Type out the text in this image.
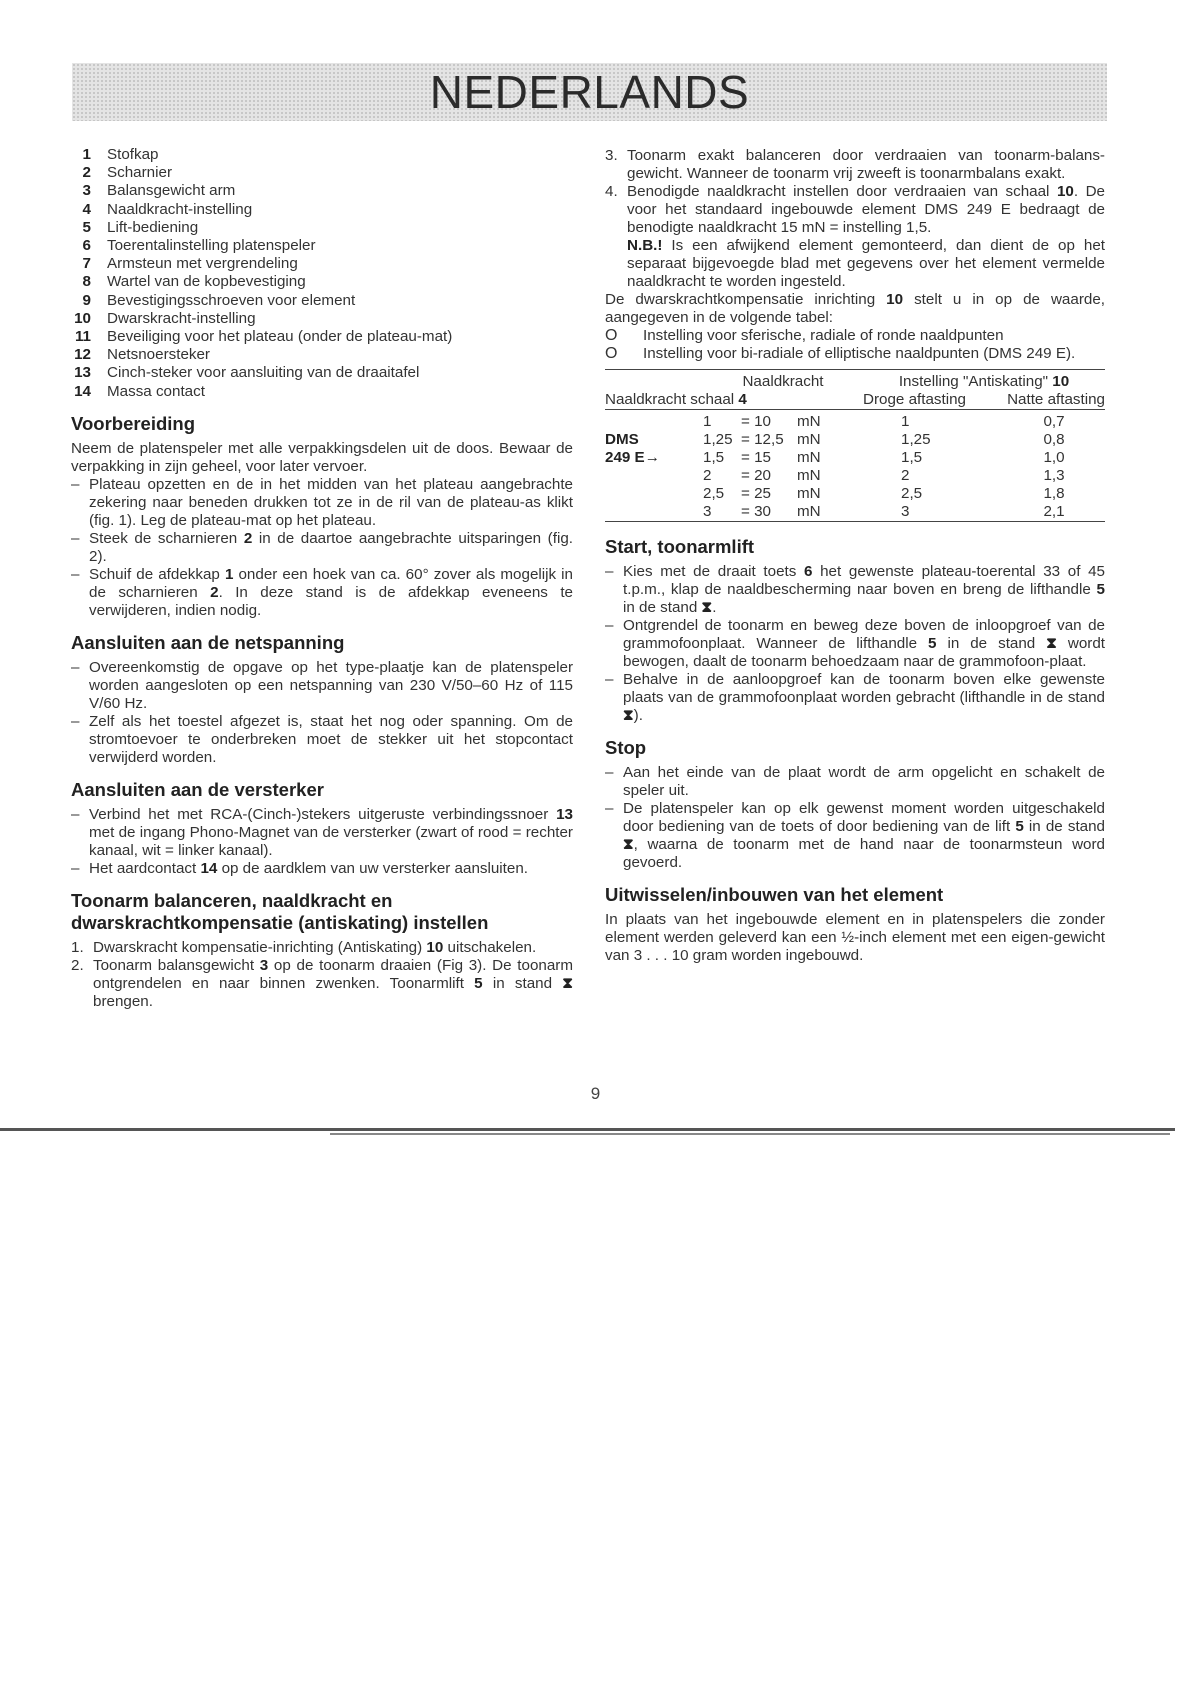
NEDERLANDS
1	Stofkap
2	Scharnier
3	Balansgewicht arm
4	Naaldkracht-instelling
5	Lift-bediening
6	Toerentalinstelling platenspeler
7	Armsteun met vergrendeling
8	Wartel van de kopbevestiging
9	Bevestigingsschroeven voor element
10	Dwarskracht-instelling
11	Beveiliging voor het plateau (onder de plateau-mat)
12	Netsnoersteker
13	Cinch-steker voor aansluiting van de draaitafel
14	Massa contact
Voorbereiding

Neem de platenspeler met alle verpakkingsdelen uit de doos. Bewaar de verpakking in zijn geheel, voor later vervoer.

– Plateau opzetten en de in het midden van het plateau aangebrachte zekering naar beneden drukken tot ze in de ril van de plateau-as klikt (fig. 1). Leg de plateau-mat op het plateau.
– Steek de scharnieren 2 in de daartoe aangebrachte uitsparingen (fig. 2).
– Schuif de afdekkap 1 onder een hoek van ca. 60° zover als mogelijk in de scharnieren 2. In deze stand is de afdekkap eveneens te verwijderen, indien nodig.
Aansluiten aan de netspanning
– Overeenkomstig de opgave op het type-plaatje kan de platenspeler worden aangesloten op een netspanning van 230 V/50–60 Hz of 115 V/60 Hz.
– Zelf als het toestel afgezet is, staat het nog oder spanning. Om de stromtoevoer te onderbreken moet de stekker uit het stopcontact verwijderd worden.
Aansluiten aan de versterker
– Verbind het met RCA-(Cinch-)stekers uitgeruste verbindingssnoer 13 met de ingang Phono-Magnet van de versterker (zwart of rood = rechter kanaal, wit = linker kanaal).
– Het aardcontact 14 op de aardklem van uw versterker aansluiten.
Toonarm balanceren, naaldkracht en dwarskrachtkompensatie (antiskating) instellen
1. Dwarskracht kompensatie-inrichting (Antiskating) 10 uitschakelen.
2. Toonarm balansgewicht 3 op de toonarm draaien (Fig 3). De toonarm ontgrendelen en naar binnen zwenken. Toonarmlift 5 in stand ⧗ brengen.
3. Toonarm exakt balanceren door verdraaien van toonarm-balans-gewicht. Wanneer de toonarm vrij zweeft is toonarmbalans exakt.
4. Benodigde naaldkracht instellen door verdraaien van schaal 10. De voor het standaard ingebouwde element DMS 249 E bedraagt de benodigte naaldkracht 15 mN = instelling 1,5.

N.B.! Is een afwijkend element gemonteerd, dan dient de op het separaat bijgevoegde blad met gegevens over het element vermelde naaldkracht te worden ingesteld.

De dwarskrachtkompensatie inrichting 10 stelt u in op de waarde, aangegeven in de volgende tabel:

O	Instelling voor sferische, radiale of ronde naaldpunten
O	Instelling voor bi-radiale of elliptische naaldpunten (DMS 249 E).
	Naaldkracht			Instelling "Antiskating" 10	
Naaldkracht schaal 4				Droge aftasting	Natte aftasting
	1	= 10	mN	1	0,7
DMS	1,25	= 12,5	mN	1,25	0,8
249 E→	1,5	= 15	mN	1,5	1,0
	2	= 20	mN	2	1,3
	2,5	= 25	mN	2,5	1,8
	3	= 30	mN	3	2,1
Start, toonarmlift
– Kies met de draait toets 6 het gewenste plateau-toerental 33 of 45 t.p.m., klap de naaldbescherming naar boven en breng de lifthandle 5 in de stand ⧗.
– Ontgrendel de toonarm en beweg deze boven de inloopgroef van de grammofoonplaat. Wanneer de lifthandle 5 in de stand ⧗ wordt bewogen, daalt de toonarm behoedzaam naar de grammofoon-plaat.
– Behalve in de aanloopgroef kan de toonarm boven elke gewenste plaats van de grammofoonplaat worden gebracht (lifthandle in de stand ⧗).
Stop
– Aan het einde van de plaat wordt de arm opgelicht en schakelt de speler uit.
– De platenspeler kan op elk gewenst moment worden uitgeschakeld door bediening van de toets of door bediening van de lift 5 in de stand ⧗, waarna de toonarm met de hand naar de toonarmsteun word gevoerd.
Uitwisselen/inbouwen van het element

In plaats van het ingebouwde element en in platenspelers die zonder element werden geleverd kan een ½-inch element met een eigen-gewicht van 3 . . . 10 gram worden ingebouwd.

9
